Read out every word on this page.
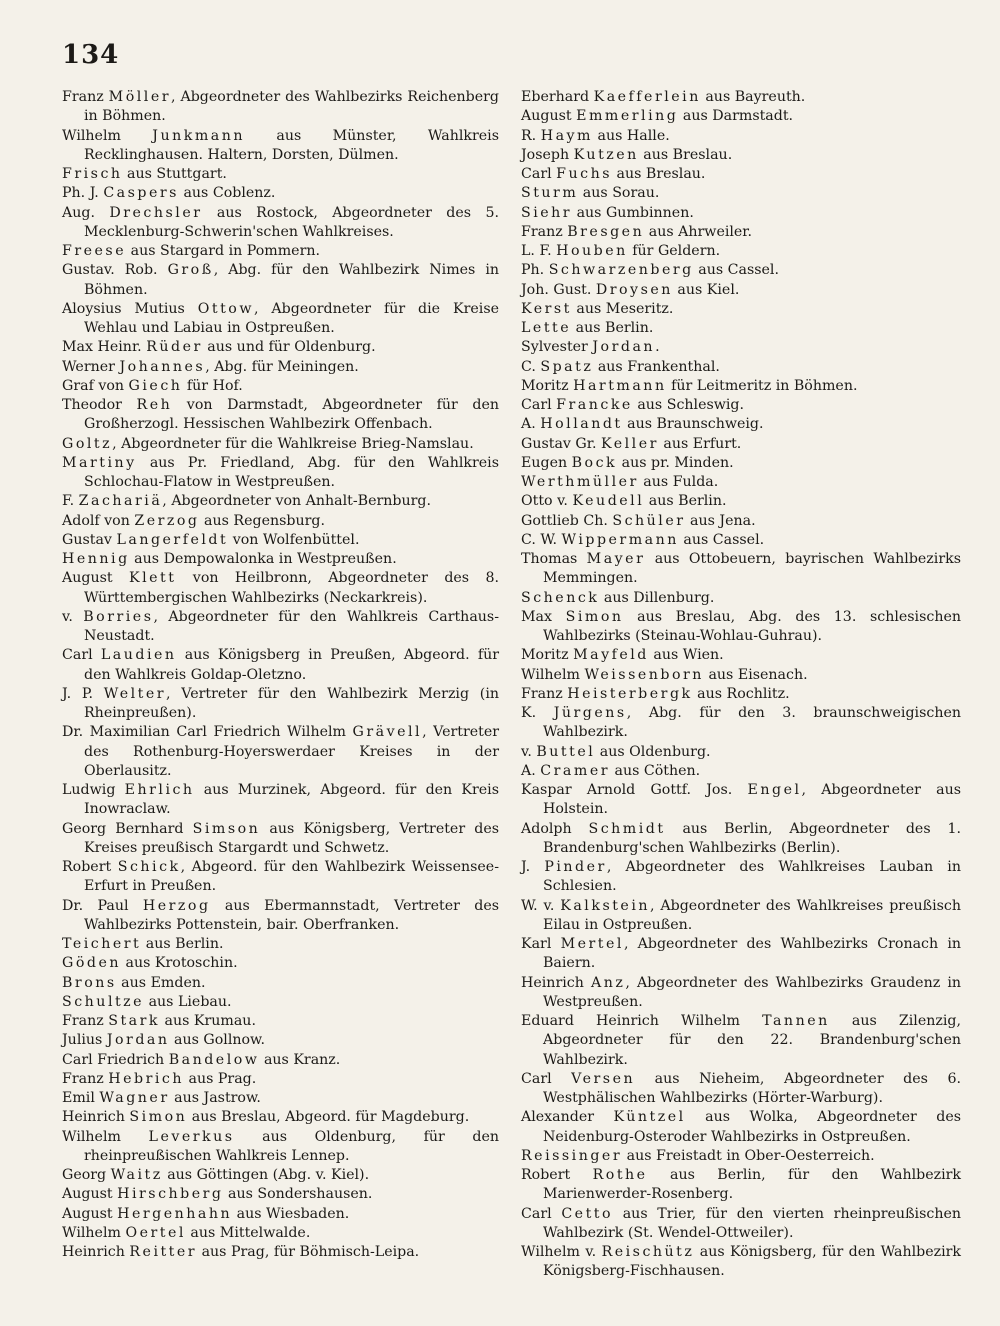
134

Franz Möller, Abgeordneter des Wahlbezirks Reichenberg in Böhmen.

Wilhelm Junkmann aus Münster, Wahlkreis Recklinghausen. Haltern, Dorsten, Dülmen.

Frisch aus Stuttgart.

Ph. J. Caspers aus Coblenz.

Aug. Drechsler aus Rostock, Abgeordneter des 5. Mecklenburg-Schwerin'schen Wahlkreises.

Freese aus Stargard in Pommern.

Gustav. Rob. Groß, Abg. für den Wahlbezirk Nimes in Böhmen.

Aloysius Mutius Ottow, Abgeordneter für die Kreise Wehlau und Labiau in Ostpreußen.

Max Heinr. Rüder aus und für Oldenburg.

Werner Johannes, Abg. für Meiningen.

Graf von Giech für Hof.

Theodor Reh von Darmstadt, Abgeordneter für den Großherzogl. Hessischen Wahlbezirk Offenbach.

Goltz, Abgeordneter für die Wahlkreise Brieg-Namslau.

Martiny aus Pr. Friedland, Abg. für den Wahlkreis Schlochau-Flatow in Westpreußen.

F. Zachariä, Abgeordneter von Anhalt-Bernburg.

Adolf von Zerzog aus Regensburg.

Gustav Langerfeldt von Wolfenbüttel.

Hennig aus Dempowalonka in Westpreußen.

August Klett von Heilbronn, Abgeordneter des 8. Württembergischen Wahlbezirks (Neckarkreis).

v. Borries, Abgeordneter für den Wahlkreis Carthaus-Neustadt.

Carl Laudien aus Königsberg in Preußen, Abgeord. für den Wahlkreis Goldap-Oletzno.

J. P. Welter, Vertreter für den Wahlbezirk Merzig (in Rheinpreußen).

Dr. Maximilian Carl Friedrich Wilhelm Grävell, Vertreter des Rothenburg-Hoyerswerdaer Kreises in der Oberlausitz.

Ludwig Ehrlich aus Murzinek, Abgeord. für den Kreis Inowraclaw.

Georg Bernhard Simson aus Königsberg, Vertreter des Kreises preußisch Stargardt und Schwetz.

Robert Schick, Abgeord. für den Wahlbezirk Weissensee-Erfurt in Preußen.

Dr. Paul Herzog aus Ebermannstadt, Vertreter des Wahlbezirks Pottenstein, bair. Oberfranken.

Teichert aus Berlin.

Göden aus Krotoschin.

Brons aus Emden.

Schultze aus Liebau.

Franz Stark aus Krumau.

Julius Jordan aus Gollnow.

Carl Friedrich Bandelow aus Kranz.

Franz Hebrich aus Prag.

Emil Wagner aus Jastrow.

Heinrich Simon aus Breslau, Abgeord. für Magdeburg.

Wilhelm Leverkus aus Oldenburg, für den rheinpreußischen Wahlkreis Lennep.

Georg Waitz aus Göttingen (Abg. v. Kiel).

August Hirschberg aus Sondershausen.

August Hergenhahn aus Wiesbaden.

Wilhelm Oertel aus Mittelwalde.

Heinrich Reitter aus Prag, für Böhmisch-Leipa.

Eberhard Kaefferlein aus Bayreuth.

August Emmerling aus Darmstadt.

R. Haym aus Halle.

Joseph Kutzen aus Breslau.

Carl Fuchs aus Breslau.

Sturm aus Sorau.

Siehr aus Gumbinnen.

Franz Bresgen aus Ahrweiler.

L. F. Houben für Geldern.

Ph. Schwarzenberg aus Cassel.

Joh. Gust. Droysen aus Kiel.

Kerst aus Meseritz.

Lette aus Berlin.

Sylvester Jordan.

C. Spatz aus Frankenthal.

Moritz Hartmann für Leitmeritz in Böhmen.

Carl Francke aus Schleswig.

A. Hollandt aus Braunschweig.

Gustav Gr. Keller aus Erfurt.

Eugen Bock aus pr. Minden.

Werthmüller aus Fulda.

Otto v. Keudell aus Berlin.

Gottlieb Ch. Schüler aus Jena.

C. W. Wippermann aus Cassel.

Thomas Mayer aus Ottobeuern, bayrischen Wahlbezirks Memmingen.

Schenck aus Dillenburg.

Max Simon aus Breslau, Abg. des 13. schlesischen Wahlbezirks (Steinau-Wohlau-Guhrau).

Moritz Mayfeld aus Wien.

Wilhelm Weissenborn aus Eisenach.

Franz Heisterbergk aus Rochlitz.

K. Jürgens, Abg. für den 3. braunschweigischen Wahlbezirk.

v. Buttel aus Oldenburg.

A. Cramer aus Cöthen.

Kaspar Arnold Gottf. Jos. Engel, Abgeordneter aus Holstein.

Adolph Schmidt aus Berlin, Abgeordneter des 1. Brandenburg'schen Wahlbezirks (Berlin).

J. Pinder, Abgeordneter des Wahlkreises Lauban in Schlesien.

W. v. Kalkstein, Abgeordneter des Wahlkreises preußisch Eilau in Ostpreußen.

Karl Mertel, Abgeordneter des Wahlbezirks Cronach in Baiern.

Heinrich Anz, Abgeordneter des Wahlbezirks Graudenz in Westpreußen.

Eduard Heinrich Wilhelm Tannen aus Zilenzig, Abgeordneter für den 22. Brandenburg'schen Wahlbezirk.

Carl Versen aus Nieheim, Abgeordneter des 6. Westphälischen Wahlbezirks (Hörter-Warburg).

Alexander Küntzel aus Wolka, Abgeordneter des Neidenburg-Osteroder Wahlbezirks in Ostpreußen.

Reissinger aus Freistadt in Ober-Oesterreich.

Robert Rothe aus Berlin, für den Wahlbezirk Marienwerder-Rosenberg.

Carl Cetto aus Trier, für den vierten rheinpreußischen Wahlbezirk (St. Wendel-Ottweiler).

Wilhelm v. Reischütz aus Königsberg, für den Wahlbezirk Königsberg-Fischhausen.
